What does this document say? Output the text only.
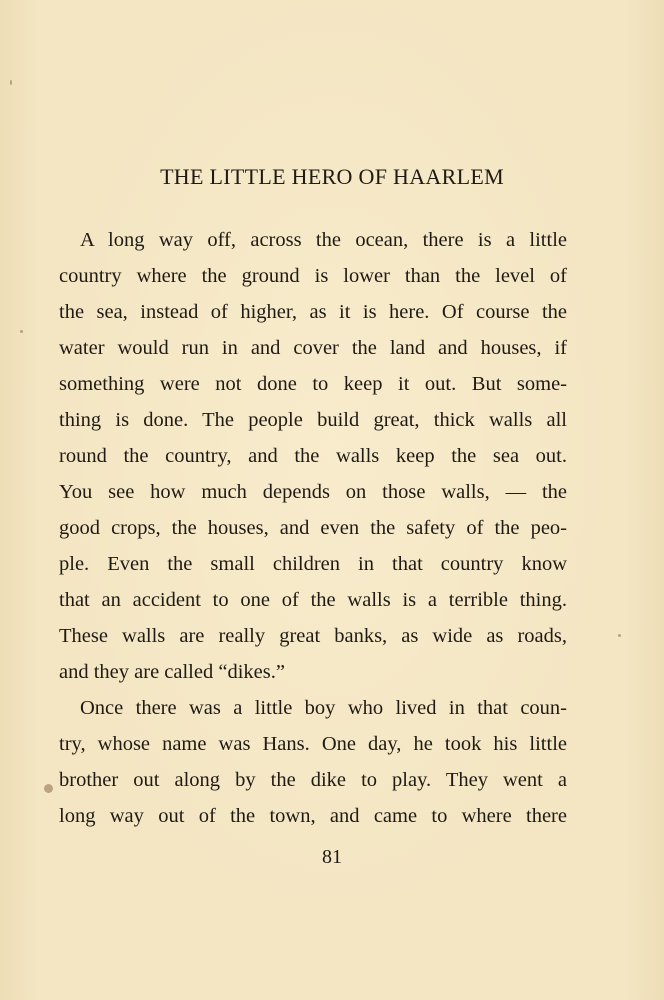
THE LITTLE HERO OF HAARLEM
A long way off, across the ocean, there is a little
country where the ground is lower than the level of
the sea, instead of higher, as it is here. Of course the
water would run in and cover the land and houses, if
something were not done to keep it out. But some-
thing is done. The people build great, thick walls all
round the country, and the walls keep the sea out.
You see how much depends on those walls, — the
good crops, the houses, and even the safety of the peo-
ple. Even the small children in that country know
that an accident to one of the walls is a terrible thing.
These walls are really great banks, as wide as roads,
and they are called “dikes.”
Once there was a little boy who lived in that coun-
try, whose name was Hans. One day, he took his little
brother out along by the dike to play. They went a
long way out of the town, and came to where there
81
